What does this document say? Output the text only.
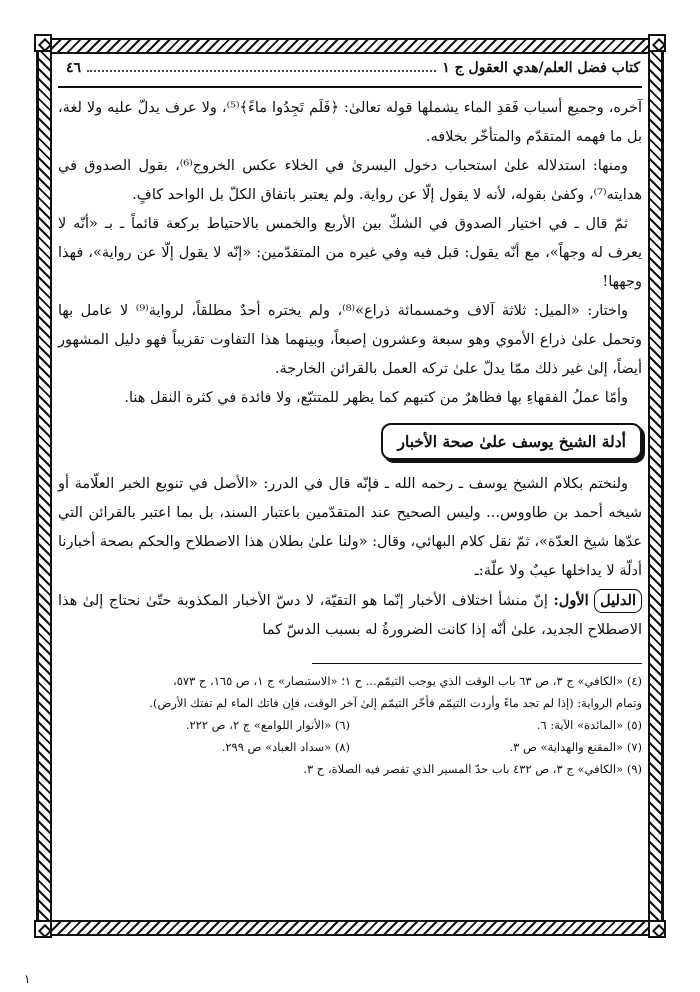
كتاب فضل العلم/هدي العقول ج ١
٤٦

آخره، وجميع أسباب فَقدِ الماء يشملها قوله تعالىٰ: ﴿فَلَم تَجِدُوا ماءً﴾⁽⁵⁾، ولا عرف يدلّ عليه ولا لغة، بل ما فهمه المتقدّم والمتأخّر بخلافه.

ومنها: استدلاله علىٰ استحباب دخول اليسرىٰ في الخلاء عكس الخروج⁽⁶⁾، بقول الصدوق في هدايته⁽⁷⁾، وكفىٰ بقوله، لأنه لا يقول إلّا عن رواية. ولم يعتبر باتفاق الكلّ بل الواحد كافٍ.

ثمّ قال ـ في اختيار الصدوق في الشكّ بين الأربع والخمس بالاحتياط بركعة قائماً ـ بـ «أنّه لا يعرف له وجهاً»، مع أنّه يقول: قبل فيه وفي غيره من المتقدّمين: «إنّه لا يقول إلّا عن رواية»، فهذا وجهها!

واختار: «الميل: ثلاثة آلاف وخمسمائة ذراع»⁽⁸⁾، ولم يختره أحدٌ مطلقاً، لرواية⁽⁹⁾ لا عامل بها وتحمل علىٰ ذراع الأموي وهو سبعة وعشرون إصبعاً، وبينهما هذا التفاوت تقريباً فهو دليل المشهور أيضاً، إلىٰ غير ذلك ممّا يدلّ علىٰ تركه العمل بالقرائن الخارجة.

وأمّا عملُ الفقهاءِ بها فظاهرٌ من كتبهم كما يظهر للمتتبّع، ولا فائدة في كثرة النقل هنا.

أدلة الشيخ يوسف علىٰ صحة الأخبار

ولنختم بكلام الشيخ يوسف ـ رحمه الله ـ فإنّه قال في الدرر: «الأصل في تنويع الخبر العلّامة أو شيخه أحمد بن طاووس... وليس الصحيح عند المتقدّمين باعتبار السند، بل بما اعتبر بالقرائن التي عدّها شيخ العدّة»، ثمّ نقل كلام البهائي، وقال: «ولنا علىٰ بطلان هذا الاصطلاح والحكم بصحة أخبارنا أدلّة لا يداخلها عيبٌ ولا علّة:ـ

الدليل الأول: إنّ منشأ اختلاف الأخبار إنّما هو التقيّة، لا دسّ الأخبار المكذوبة حتّىٰ نحتاج إلىٰ هذا الاصطلاح الجديد، علىٰ أنّه إذا كانت الضرورةُ له بسبب الدسّ كما

(٤) «الكافي» ج ٣، ص ٦٣ باب الوقت الذي يوجب التيمّم... ح ١؛ «الاستبصار» ج ١، ص ١٦٥، ح ٥٧٣،
وتمام الرواية: (إذا لم تجد ماءً وأردت التيمّم فأخّر التيمّم إلىٰ آخر الوقت، فإن فاتك الماء لم تفتك الأرض).
(٥) «المائدة» الآية: ٦.
(٦) «الأنوار اللوامع» ج ٢، ص ٢٢٢.
(٧) «المقنع والهداية» ص ٣.
(٨) «سداد العباد» ص ٢٩٩.
(٩) «الكافي» ج ٣، ص ٤٣٢ باب حدّ المسير الذي تقصر فيه الصلاة، ح ٣.
١
